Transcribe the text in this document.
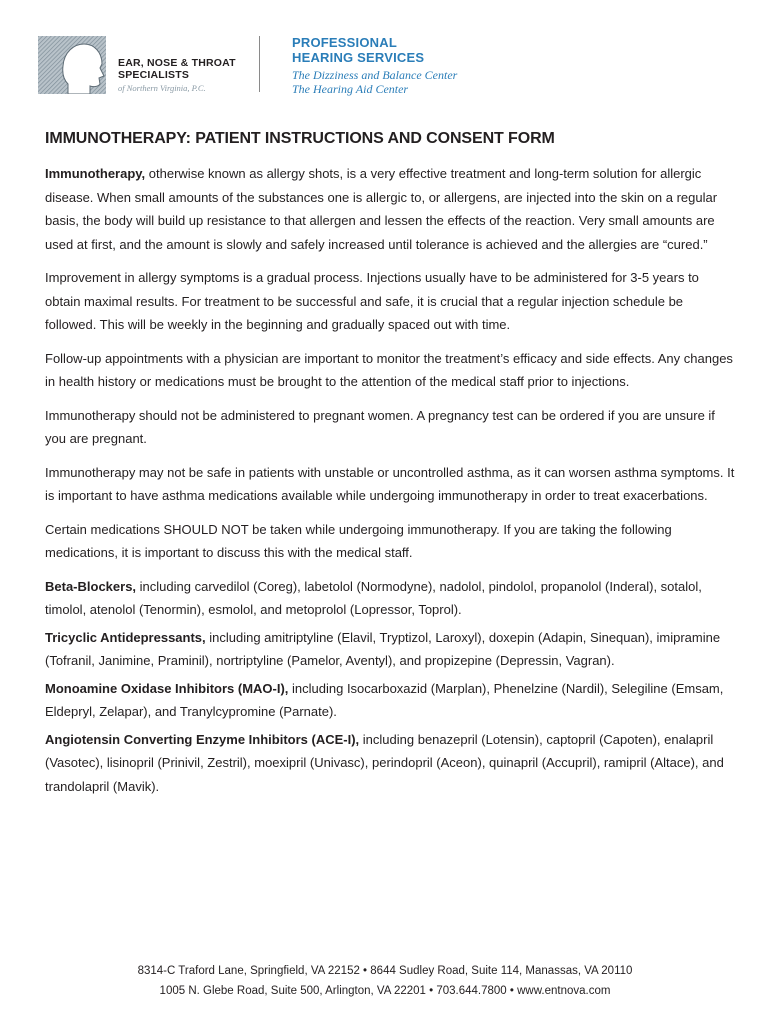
EAR, NOSE & THROAT
SPECIALISTS
of Northern Virginia, P.C.
PROFESSIONAL
HEARING SERVICES
The Dizziness and Balance Center
The Hearing Aid Center
IMMUNOTHERAPY: PATIENT INSTRUCTIONS AND CONSENT FORM

Immunotherapy, otherwise known as allergy shots, is a very effective treatment and long-term solution for allergic disease. When small amounts of the substances one is allergic to, or allergens, are injected into the skin on a regular basis, the body will build up resistance to that allergen and lessen the effects of the reaction. Very small amounts are used at first, and the amount is slowly and safely increased until tolerance is achieved and the allergies are “cured.”

Improvement in allergy symptoms is a gradual process. Injections usually have to be administered for 3-5 years to obtain maximal results. For treatment to be successful and safe, it is crucial that a regular injection schedule be followed. This will be weekly in the beginning and gradually spaced out with time.

Follow-up appointments with a physician are important to monitor the treatment’s efficacy and side effects. Any changes in health history or medications must be brought to the attention of the medical staff prior to injections.

Immunotherapy should not be administered to pregnant women. A pregnancy test can be ordered if you are unsure if you are pregnant.

Immunotherapy may not be safe in patients with unstable or uncontrolled asthma, as it can worsen asthma symptoms. It is important to have asthma medications available while undergoing immunotherapy in order to treat exacerbations.

Certain medications SHOULD NOT be taken while undergoing immunotherapy. If you are taking the following medications, it is important to discuss this with the medical staff.

Beta-Blockers, including carvedilol (Coreg), labetolol (Normodyne), nadolol, pindolol, propanolol (Inderal), sotalol, timolol, atenolol (Tenormin), esmolol, and metoprolol (Lopressor, Toprol).

Tricyclic Antidepressants, including amitriptyline (Elavil, Tryptizol, Laroxyl), doxepin (Adapin, Sinequan), imipramine (Tofranil, Janimine, Praminil), nortriptyline (Pamelor, Aventyl), and propizepine (Depressin, Vagran).

Monoamine Oxidase Inhibitors (MAO-I), including Isocarboxazid (Marplan), Phenelzine (Nardil), Selegiline (Emsam, Eldepryl, Zelapar), and Tranylcypromine (Parnate).

Angiotensin Converting Enzyme Inhibitors (ACE-I), including benazepril (Lotensin), captopril (Capoten), enalapril (Vasotec), lisinopril (Prinivil, Zestril), moexipril (Univasc), perindopril (Aceon), quinapril (Accupril), ramipril (Altace), and trandolapril (Mavik).

8314-C Traford Lane, Springfield, VA 22152 • 8644 Sudley Road, Suite 114, Manassas, VA 20110
1005 N. Glebe Road, Suite 500, Arlington, VA 22201 • 703.644.7800 • www.entnova.com
